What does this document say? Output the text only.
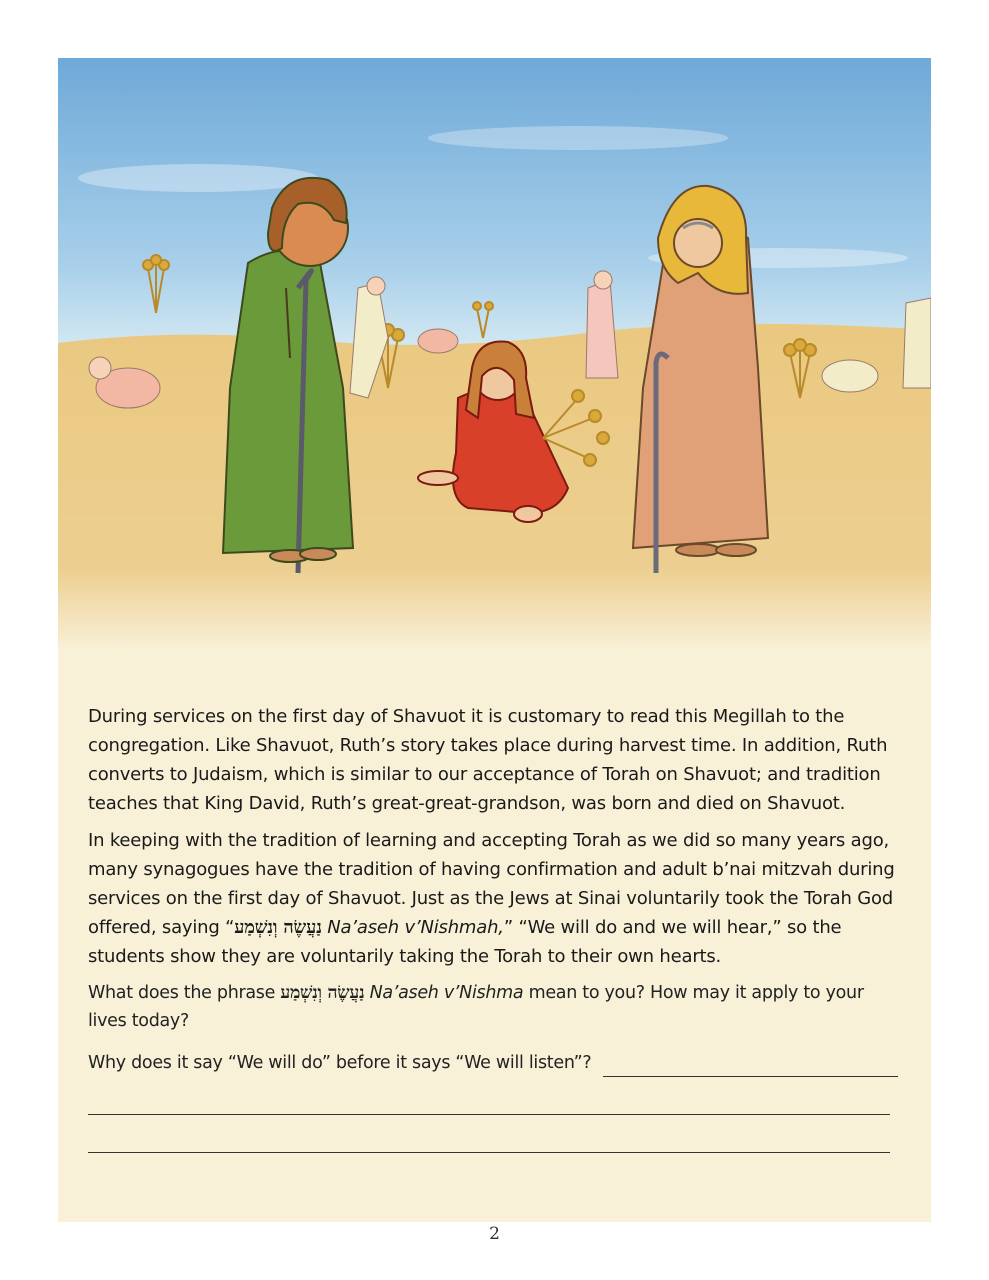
During services on the first day of Shavuot it is customary to read this Megillah to the congregation. Like Shavuot, Ruth’s story takes place during harvest time. In addition, Ruth converts to Judaism, which is similar to our acceptance of Torah on Shavuot; and tradition teaches that King David, Ruth’s great-great-grandson, was born and died on Shavuot.

In keeping with the tradition of learning and accepting Torah as we did so many years ago, many synagogues have the tradition of having confirmation and adult b’nai mitzvah during services on the first day of Shavuot. Just as the Jews at Sinai voluntarily took the Torah God offered, saying “נַעֲשֶׂה וְנִשְׁמַע Na’aseh v’Nishmah,” “We will do and we will hear,” so the students show they are voluntarily taking the Torah to their own hearts.

What does the phrase נַעֲשֶׂה וְנִשְׁמַע Na’aseh v’Nishma mean to you? How may it apply to your lives today?

Why does it say “We will do” before it says “We will listen”?
2
